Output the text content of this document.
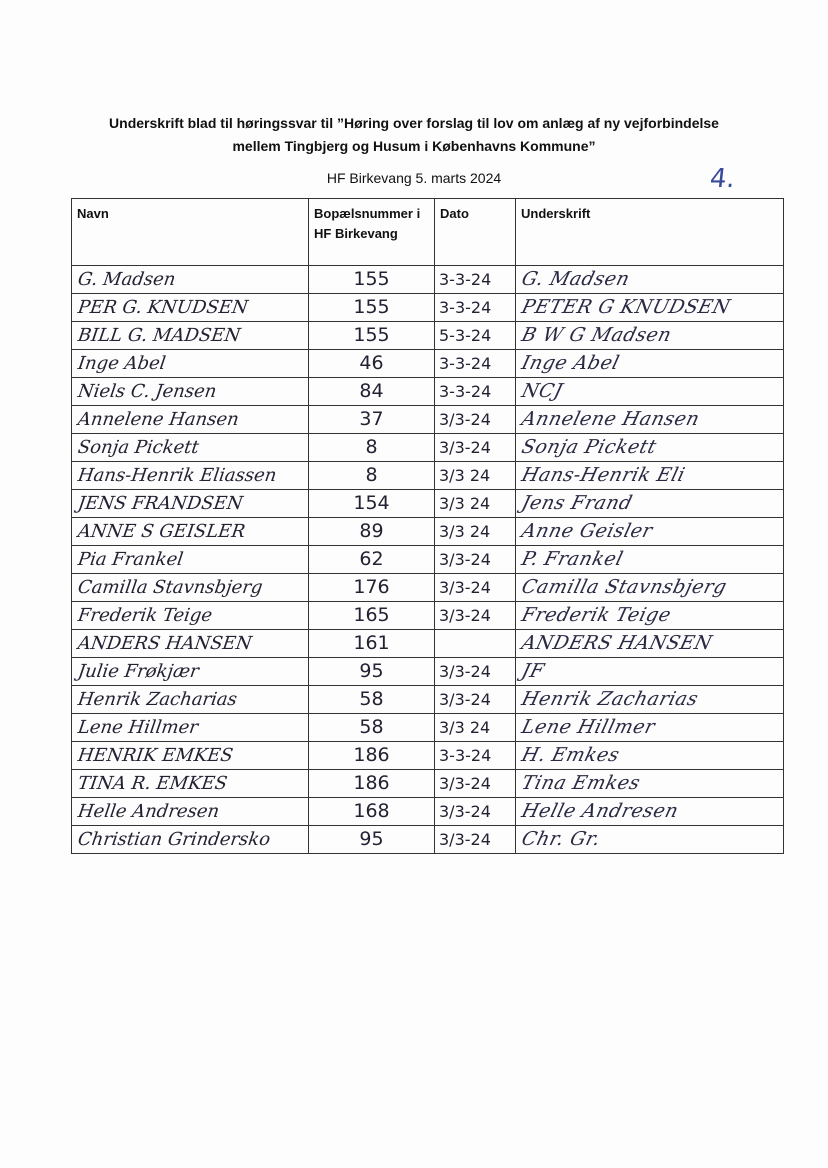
Underskrift blad til høringssvar til ”Høring over forslag til lov om anlæg af ny vejforbindelse
mellem Tingbjerg og Husum i Københavns Kommune”
HF Birkevang 5. marts 2024	4.
Navn	Bopælsnummer i HF Birkevang	Dato	Underskrift

G. Madsen	155	3-3-24	G. Madsen

PER G. KNUDSEN	155	3-3-24	PETER G KNUDSEN

BILL G. MADSEN	155	5-3-24	B W G Madsen

Inge Abel	46	3-3-24	Inge Abel

Niels C. Jensen	84	3-3-24	NCJ

Annelene Hansen	37	3/3-24	Annelene Hansen

Sonja Pickett	8	3/3-24	Sonja Pickett

Hans-Henrik Eliassen	8	3/3 24	Hans-Henrik Eli

JENS FRANDSEN	154	3/3 24	Jens Frand

ANNE S GEISLER	89	3/3 24	Anne Geisler

Pia Frankel	62	3/3-24	P. Frankel

Camilla Stavnsbjerg	176	3/3-24	Camilla Stavnsbjerg

Frederik Teige	165	3/3-24	Frederik Teige

ANDERS HANSEN	161		ANDERS HANSEN

Julie Frøkjær	95	3/3-24	JF

Henrik Zacharias	58	3/3-24	Henrik Zacharias

Lene Hillmer	58	3/3 24	Lene Hillmer

HENRIK EMKES	186	3-3-24	H. Emkes

TINA R. EMKES	186	3/3-24	Tina Emkes

Helle Andresen	168	3/3-24	Helle Andresen

Christian Grindersko	95	3/3-24	Chr. Gr.
